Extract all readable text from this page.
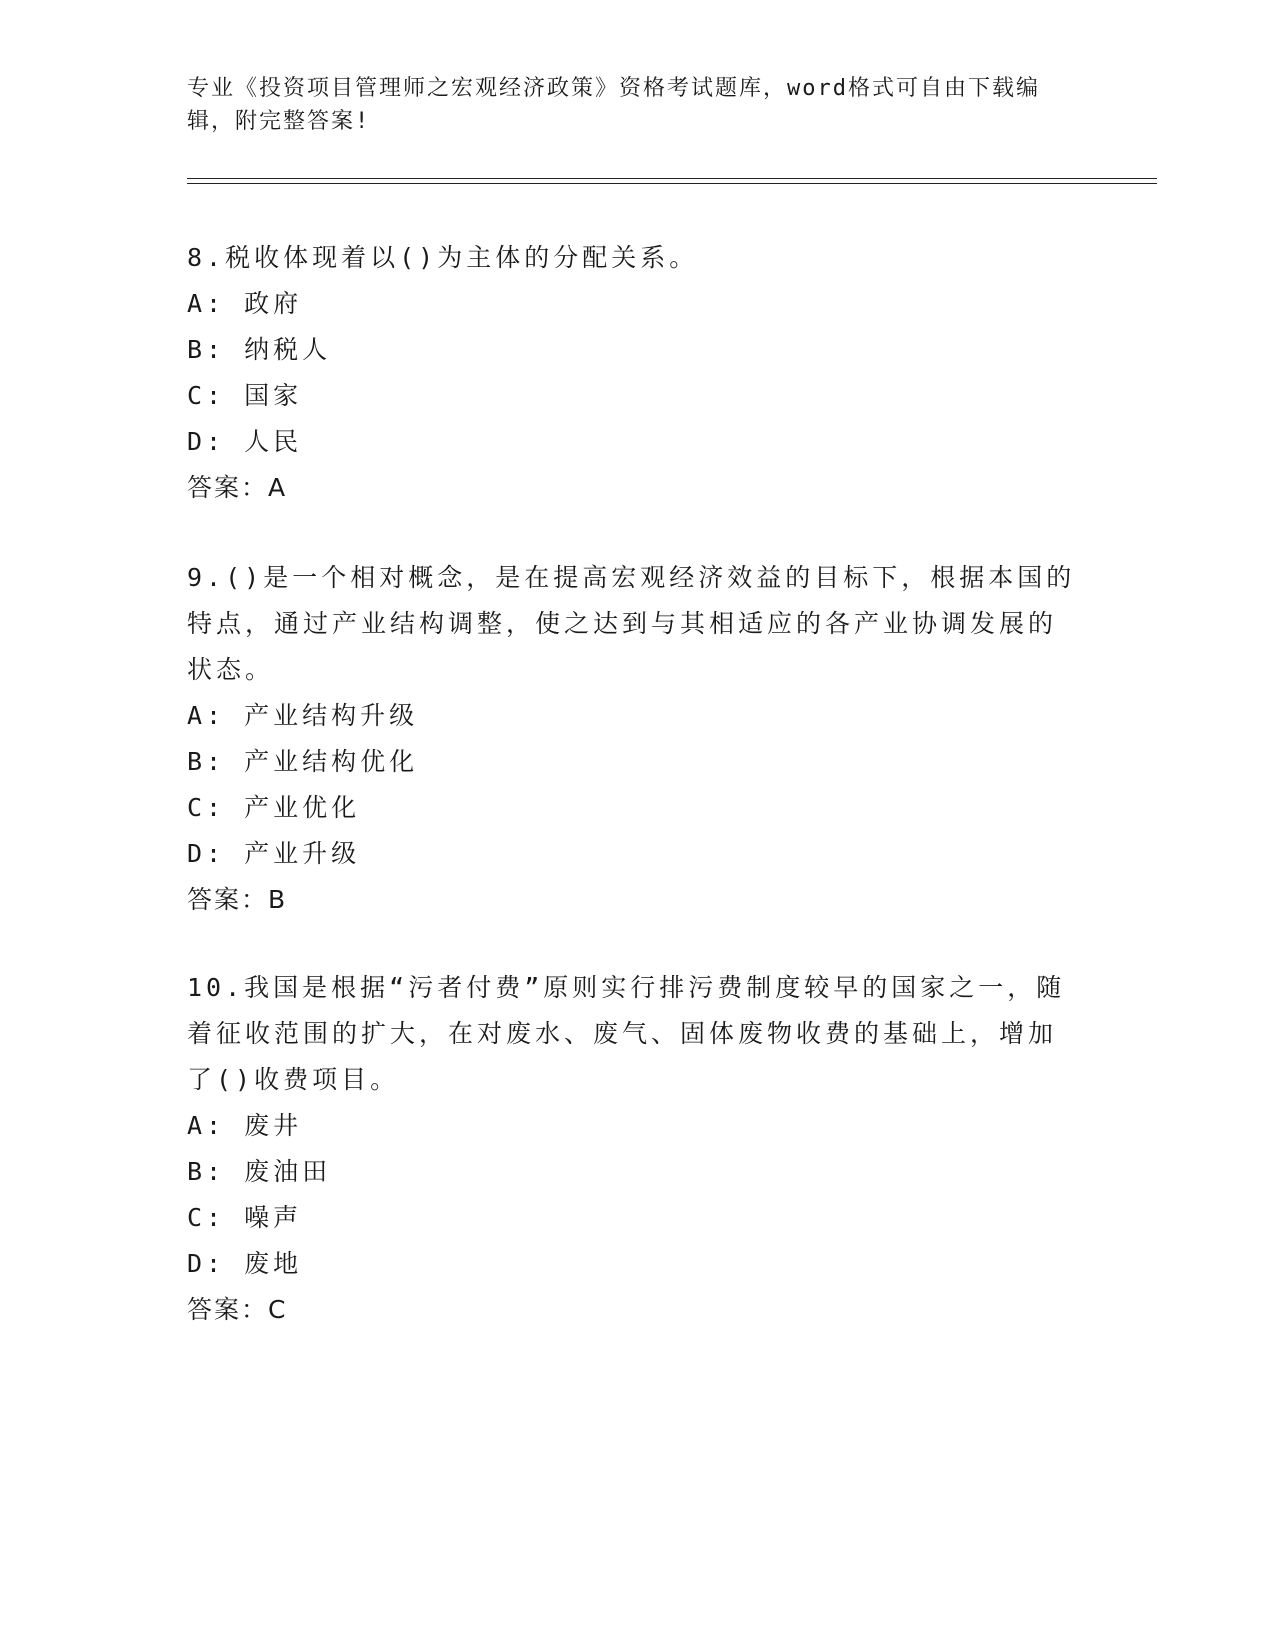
专业《投资项目管理师之宏观经济政策》资格考试题库，word格式可自由下载编辑，附完整答案!
8.税收体现着以()为主体的分配关系。
A: 政府
B: 纳税人
C: 国家
D: 人民
答案：A
9.()是一个相对概念，是在提高宏观经济效益的目标下，根据本国的特点，通过产业结构调整，使之达到与其相适应的各产业协调发展的状态。
A: 产业结构升级
B: 产业结构优化
C: 产业优化
D: 产业升级
答案：B
10.我国是根据“污者付费”原则实行排污费制度较早的国家之一，随着征收范围的扩大，在对废水、废气、固体废物收费的基础上，增加了()收费项目。
A: 废井
B: 废油田
C: 噪声
D: 废地
答案：C
